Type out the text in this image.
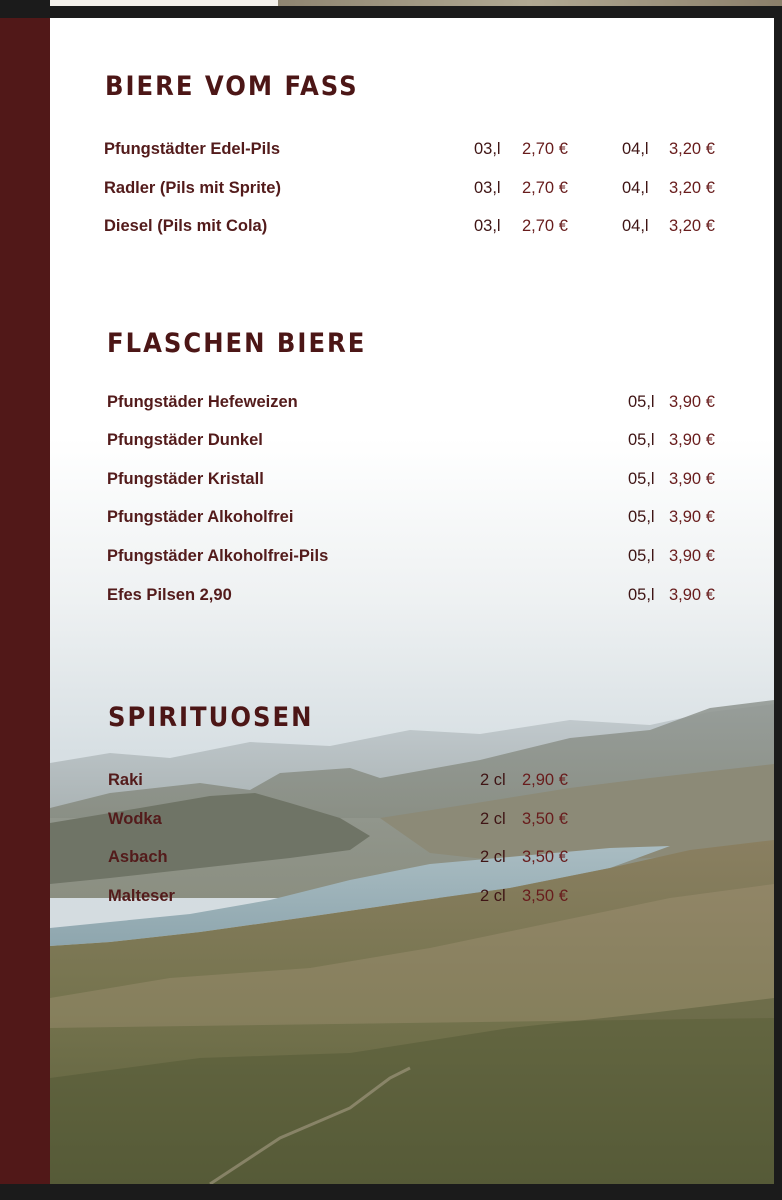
BIERE VOM FASS
Pfungstädter Edel-Pils	03,l 2,70 €	04,l 3,20 €
Radler (Pils mit Sprite)	03,l 2,70 €	04,l 3,20 €
Diesel (Pils mit Cola)	03,l 2,70 €	04,l 3,20 €
FLASCHEN BIERE
Pfungstäder Hefeweizen	05,l 3,90 €
Pfungstäder Dunkel	05,l 3,90 €
Pfungstäder Kristall	05,l 3,90 €
Pfungstäder Alkoholfrei	05,l 3,90 €
Pfungstäder Alkoholfrei-Pils	05,l 3,90 €
Efes Pilsen 2,90	05,l 3,90 €
SPIRITUOSEN
Raki	2 cl 2,90 €
Wodka	2 cl 3,50 €
Asbach	2 cl 3,50 €
Malteser	2 cl 3,50 €
